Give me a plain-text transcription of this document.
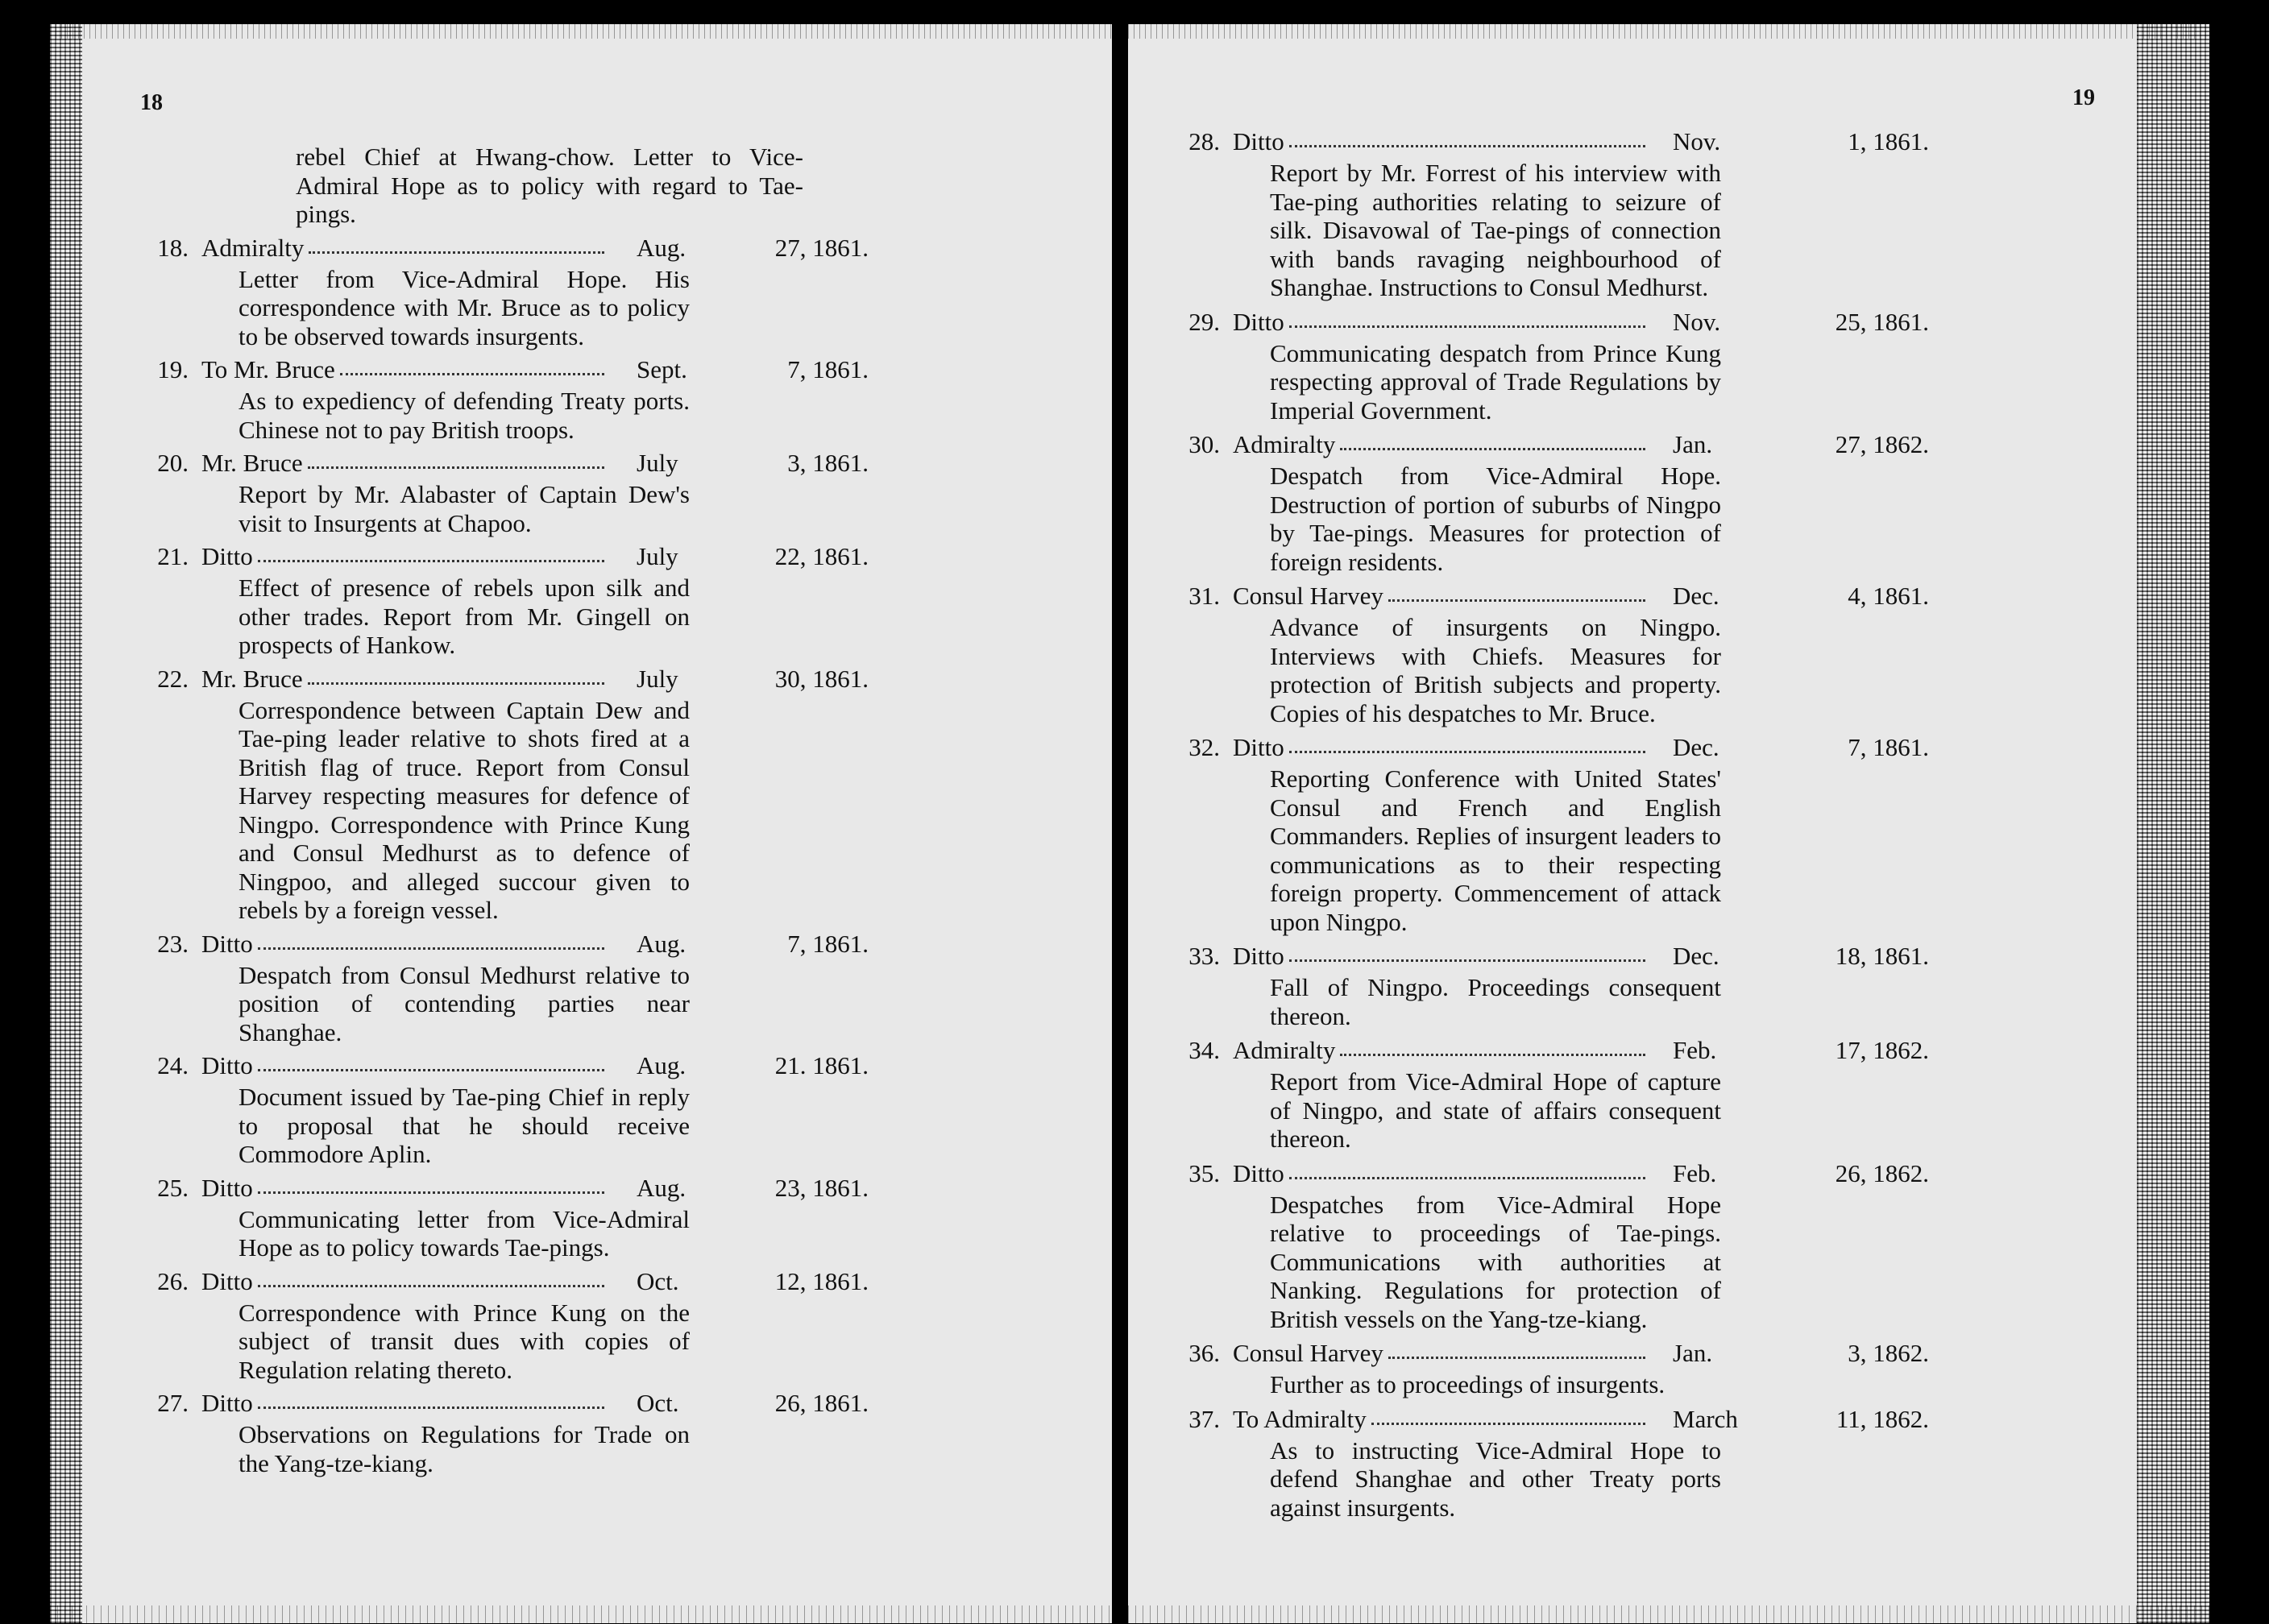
18	19
rebel Chief at Hwang-chow. Letter to Vice-Admiral Hope as to policy with regard to Tae-pings.
18. Admiralty	Aug.	27, 1861.
Letter from Vice-Admiral Hope. His correspondence with Mr. Bruce as to policy to be observed towards insurgents.
19. To Mr. Bruce	Sept.	7, 1861.
As to expediency of defending Treaty ports. Chinese not to pay British troops.
20. Mr. Bruce	July	3, 1861.
Report by Mr. Alabaster of Captain Dew's visit to Insurgents at Chapoo.
21. Ditto	July	22, 1861.
Effect of presence of rebels upon silk and other trades. Report from Mr. Gingell on prospects of Hankow.
22. Mr. Bruce	July	30, 1861.
Correspondence between Captain Dew and Tae-ping leader relative to shots fired at a British flag of truce. Report from Consul Harvey respecting measures for defence of Ningpo. Correspondence with Prince Kung and Consul Medhurst as to defence of Ningpoo, and alleged succour given to rebels by a foreign vessel.
23. Ditto	Aug.	7, 1861.
Despatch from Consul Medhurst relative to position of contending parties near Shanghae.
24. Ditto	Aug.	21. 1861.
Document issued by Tae-ping Chief in reply to proposal that he should receive Commodore Aplin.
25. Ditto	Aug.	23, 1861.
Communicating letter from Vice-Admiral Hope as to policy towards Tae-pings.
26. Ditto	Oct.	12, 1861.
Correspondence with Prince Kung on the subject of transit dues with copies of Regulation relating thereto.
27. Ditto	Oct.	26, 1861.
Observations on Regulations for Trade on the Yang-tze-kiang.
28. Ditto	Nov.	1, 1861.
Report by Mr. Forrest of his interview with Tae-ping authorities relating to seizure of silk. Disavowal of Tae-pings of connection with bands ravaging neighbourhood of Shanghae. Instructions to Consul Medhurst.
29. Ditto	Nov.	25, 1861.
Communicating despatch from Prince Kung respecting approval of Trade Regulations by Imperial Government.
30. Admiralty	Jan.	27, 1862.
Despatch from Vice-Admiral Hope. Destruction of portion of suburbs of Ningpo by Tae-pings. Measures for protection of foreign residents.
31. Consul Harvey	Dec.	4, 1861.
Advance of insurgents on Ningpo. Interviews with Chiefs. Measures for protection of British subjects and property. Copies of his despatches to Mr. Bruce.
32. Ditto	Dec.	7, 1861.
Reporting Conference with United States' Consul and French and English Commanders. Replies of insurgent leaders to communications as to their respecting foreign property. Commencement of attack upon Ningpo.
33. Ditto	Dec.	18, 1861.
Fall of Ningpo. Proceedings consequent thereon.
34. Admiralty	Feb.	17, 1862.
Report from Vice-Admiral Hope of capture of Ningpo, and state of affairs consequent thereon.
35. Ditto	Feb.	26, 1862.
Despatches from Vice-Admiral Hope relative to proceedings of Tae-pings. Communications with authorities at Nanking. Regulations for protection of British vessels on the Yang-tze-kiang.
36. Consul Harvey	Jan.	3, 1862.
Further as to proceedings of insurgents.
37. To Admiralty	March	11, 1862.
As to instructing Vice-Admiral Hope to defend Shanghae and other Treaty ports against insurgents.
